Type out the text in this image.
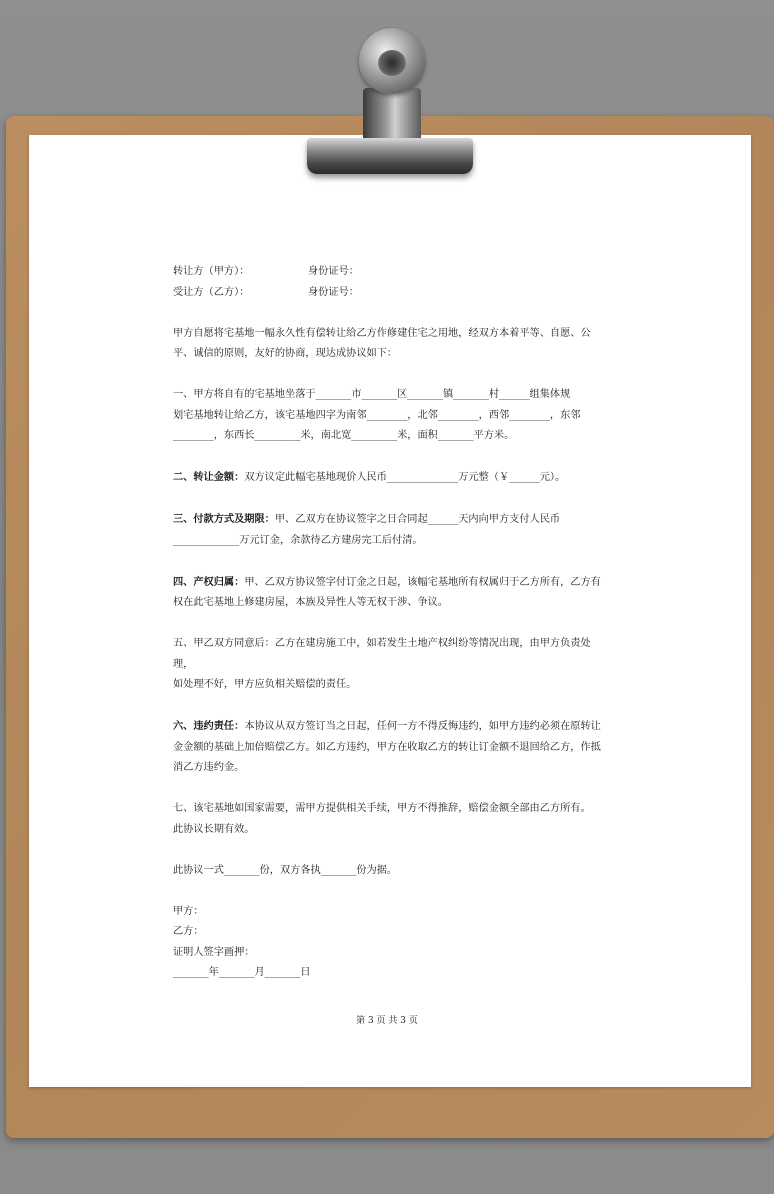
转让方（甲方）：	身份证号：
受让方（乙方）：	身份证号：

甲方自愿将宅基地一幅永久性有偿转让给乙方作修建住宅之用地，经双方本着平等、自愿、公平、诚信的原则，友好的协商，现达成协议如下：

一、甲方将自有的宅基地坐落于_______市_______区_______镇_______村______组集体规

划宅基地转让给乙方，该宅基地四字为南邻________，北邻________，西邻________，东邻

________，东西长_________米，南北宽_________米，面积_______平方米。

二、转让金额：双方议定此幅宅基地现价人民币______________万元整（￥______元）。

三、付款方式及期限：甲、乙双方在协议签字之日合同起______天内向甲方支付人民币

_____________万元订金，余款待乙方建房完工后付清。

四、产权归属：甲、乙双方协议签字付订金之日起，该幅宅基地所有权属归于乙方所有，乙方有

权在此宅基地上修建房屋，本族及异性人等无权干涉、争议。

五、甲乙双方同意后：乙方在建房施工中，如若发生土地产权纠纷等情况出现，由甲方负责处理，

如处理不好，甲方应负相关赔偿的责任。

六、违约责任：本协议从双方签订当之日起，任何一方不得反悔违约，如甲方违约必须在原转让

金金额的基础上加倍赔偿乙方。如乙方违约，甲方在收取乙方的转让订金额不退回给乙方，作抵

消乙方违约金。

七、该宅基地如国家需要，需甲方提供相关手续，甲方不得推辞，赔偿金额全部由乙方所有。

此协议长期有效。

此协议一式_______份，双方各执_______份为据。

甲方：

乙方：

证明人签字画押：

_______年_______月_______日

第 3 页 共 3 页
